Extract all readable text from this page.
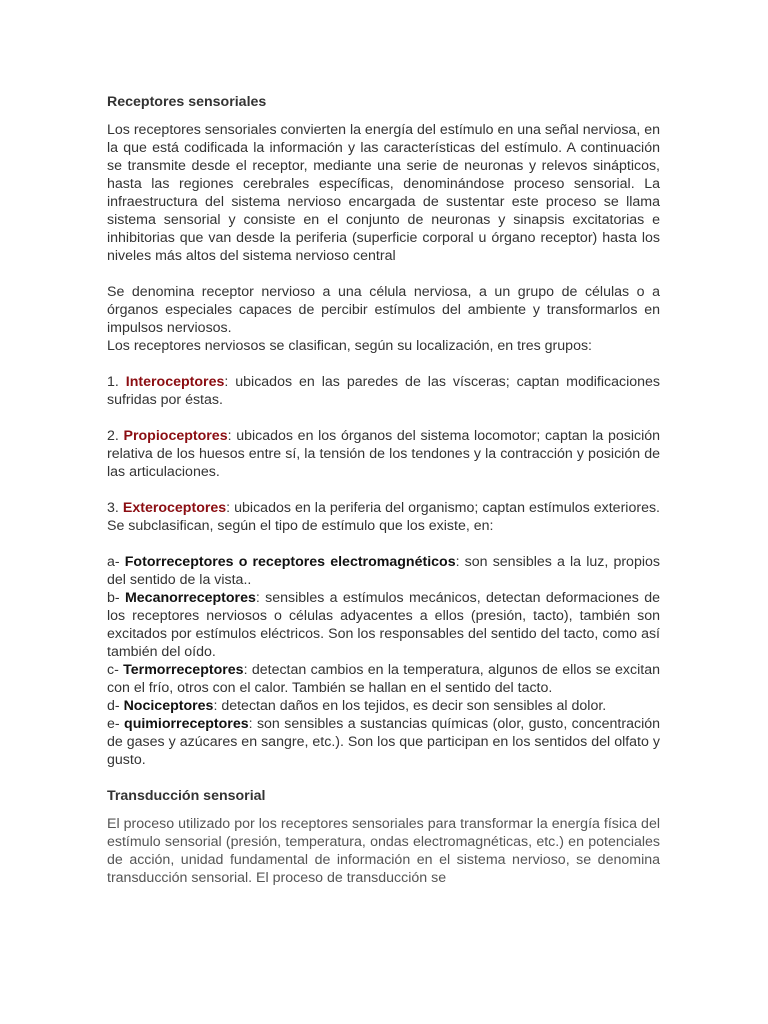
Receptores sensoriales

Los receptores sensoriales convierten la energía del estímulo en una señal nerviosa, en la que está codificada la información y las características del estímulo. A continuación se transmite desde el receptor, mediante una serie de neuronas y relevos sinápticos, hasta las regiones cerebrales específicas, denominándose proceso sensorial. La infraestructura del sistema nervioso encargada de sustentar este proceso se llama sistema sensorial y consiste en el conjunto de neuronas y sinapsis excitatorias e inhibitorias que van desde la periferia (superficie corporal u órgano receptor) hasta los niveles más altos del sistema nervioso central

Se denomina receptor nervioso a una célula nerviosa, a un grupo de células o a órganos especiales capaces de percibir estímulos del ambiente y transformarlos en impulsos nerviosos.

Los receptores nerviosos se clasifican, según su localización, en tres grupos:

1. Interoceptores: ubicados en las paredes de las vísceras; captan modificaciones sufridas por éstas.

2. Propioceptores: ubicados en los órganos del sistema locomotor; captan la posición relativa de los huesos entre sí, la tensión de los tendones y la contracción y posición de las articulaciones.

3. Exteroceptores: ubicados en la periferia del organismo; captan estímulos exteriores. Se subclasifican, según el tipo de estímulo que los existe, en:

a- Fotorreceptores o receptores electromagnéticos: son sensibles a la luz, propios del sentido de la vista..

b- Mecanorreceptores: sensibles a estímulos mecánicos, detectan deformaciones de los receptores nerviosos o células adyacentes a ellos (presión, tacto), también son excitados por estímulos eléctricos. Son los responsables del sentido del tacto, como así también del oído.

c- Termorreceptores: detectan cambios en la temperatura, algunos de ellos se excitan con el frío, otros con el calor. También se hallan en el sentido del tacto.

d- Nociceptores: detectan daños en los tejidos, es decir son sensibles al dolor.

e- quimiorreceptores: son sensibles a sustancias químicas (olor, gusto, concentración de gases y azúcares en sangre, etc.). Son los que participan en los sentidos del olfato y gusto.

Transducción sensorial

El proceso utilizado por los receptores sensoriales para transformar la energía física del estímulo sensorial (presión, temperatura, ondas electromagnéticas, etc.) en potenciales de acción, unidad fundamental de información en el sistema nervioso, se denomina transducción sensorial. El proceso de transducción se
